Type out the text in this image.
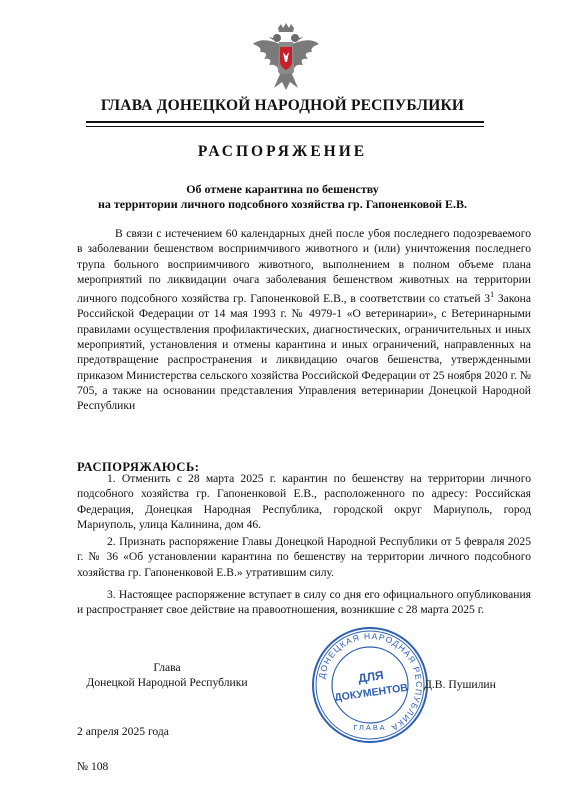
ГЛАВА ДОНЕЦКОЙ НАРОДНОЙ РЕСПУБЛИКИ
РАСПОРЯЖЕНИЕ
Об отмене карантина по бешенству
на территории личного подсобного хозяйства гр. Гапоненковой Е.В.
В связи с истечением 60 календарных дней после убоя последнего подозреваемого в заболевании бешенством восприимчивого животного и (или) уничтожения последнего трупа больного восприимчивого животного, выполнением в полном объеме плана мероприятий по ликвидации очага заболевания бешенством животных на территории личного подсобного хозяйства гр. Гапоненковой Е.В., в соответствии со статьей $3^1$ Закона Российской Федерации от 14 мая 1993 г. № 4979-1 «О ветеринарии», с Ветеринарными правилами осуществления профилактических, диагностических, ограничительных и иных мероприятий, установления и отмены карантина и иных ограничений, направленных на предотвращение распространения и ликвидацию очагов бешенства, утвержденными приказом Министерства сельского хозяйства Российской Федерации от 25 ноября 2020 г. № 705, а также на основании представления Управления ветеринарии Донецкой Народной Республики
РАСПОРЯЖАЮСЬ:
1. Отменить с 28 марта 2025 г. карантин по бешенству на территории личного подсобного хозяйства гр. Гапоненковой Е.В., расположенного по адресу: Российская Федерация, Донецкая Народная Республика, городской округ Мариуполь, город Мариуполь, улица Калинина, дом 46.
2. Признать распоряжение Главы Донецкой Народной Республики от 5 февраля 2025 г. № 36 «Об установлении карантина по бешенству на территории личного подсобного хозяйства гр. Гапоненковой Е.В.» утратившим силу.
3. Настоящее распоряжение вступает в силу со дня его официального опубликования и распространяет свое действие на правоотношения, возникшие с 28 марта 2025 г.
Глава
Донецкой Народной Республики
ДОНЕЦКАЯ НАРОДНАЯ РЕСПУБЛИКА
ГЛАВА
ДЛЯ
ДОКУМЕНТОВ Д.В. Пушилин
2 апреля 2025 года
№ 108
